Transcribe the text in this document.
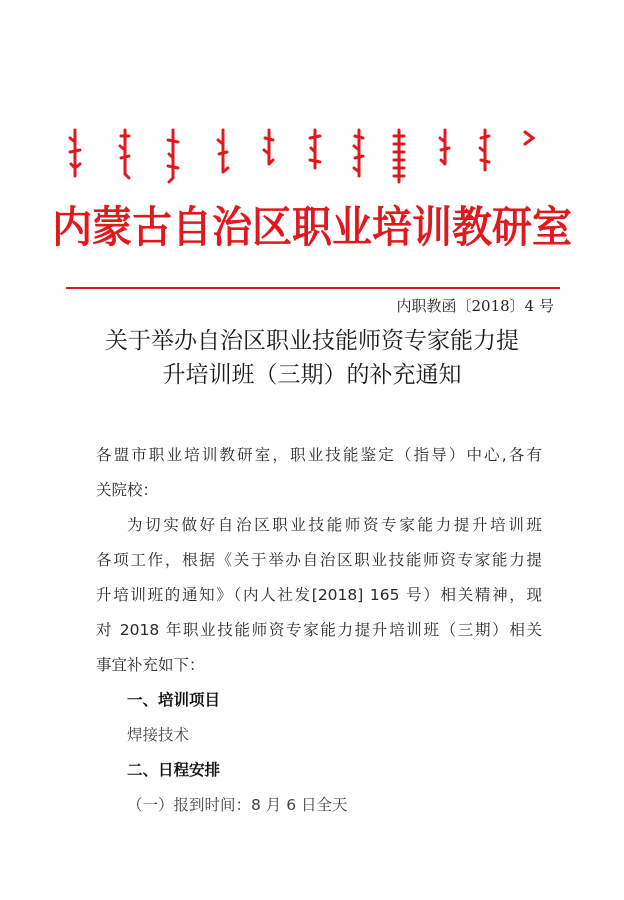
内蒙古自治区职业培训教研室
内职教函〔2018〕4 号
关于举办自治区职业技能师资专家能力提
升培训班（三期）的补充通知
各盟市职业培训教研室，职业技能鉴定（指导）中心,各有
关院校：
为切实做好自治区职业技能师资专家能力提升培训班
各项工作，根据《关于举办自治区职业技能师资专家能力提
升培训班的通知》（内人社发[2018] 165 号）相关精神，现
对 2018 年职业技能师资专家能力提升培训班（三期）相关
事宜补充如下：
一、培训项目
焊接技术
二、日程安排
（一）报到时间：8 月 6 日全天
